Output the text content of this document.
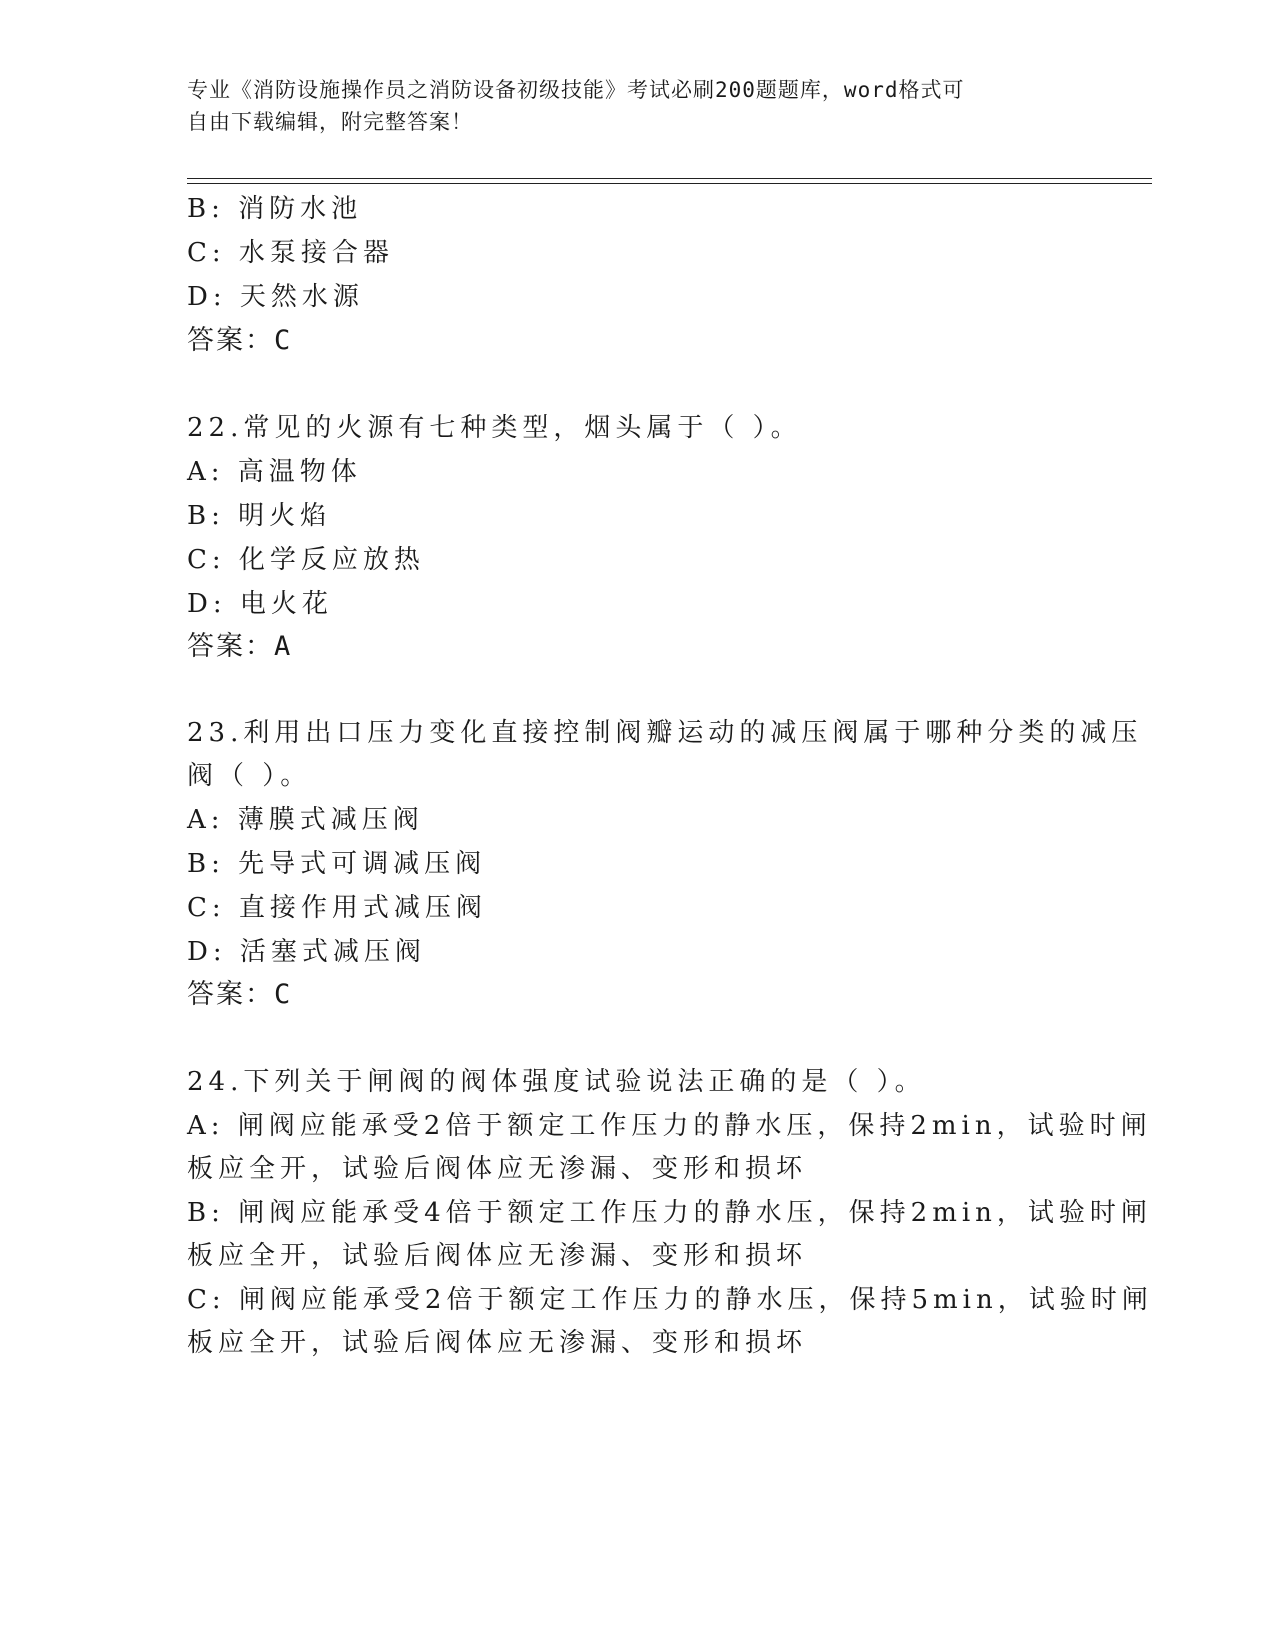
专业《消防设施操作员之消防设备初级技能》考试必刷200题题库，word格式可
自由下载编辑，附完整答案！
B: 消防水池
C: 水泵接合器
D: 天然水源
答案：C
22.常见的火源有七种类型，烟头属于（ ）。
A: 高温物体
B: 明火焰
C: 化学反应放热
D: 电火花
答案：A
23.利用出口压力变化直接控制阀瓣运动的减压阀属于哪种分类的减压
阀（ ）。
A: 薄膜式减压阀
B: 先导式可调减压阀
C: 直接作用式减压阀
D: 活塞式减压阀
答案：C
24.下列关于闸阀的阀体强度试验说法正确的是（ ）。
A: 闸阀应能承受2倍于额定工作压力的静水压，保持2min，试验时闸
板应全开，试验后阀体应无渗漏、变形和损坏
B: 闸阀应能承受4倍于额定工作压力的静水压，保持2min，试验时闸
板应全开，试验后阀体应无渗漏、变形和损坏
C: 闸阀应能承受2倍于额定工作压力的静水压，保持5min，试验时闸
板应全开，试验后阀体应无渗漏、变形和损坏
